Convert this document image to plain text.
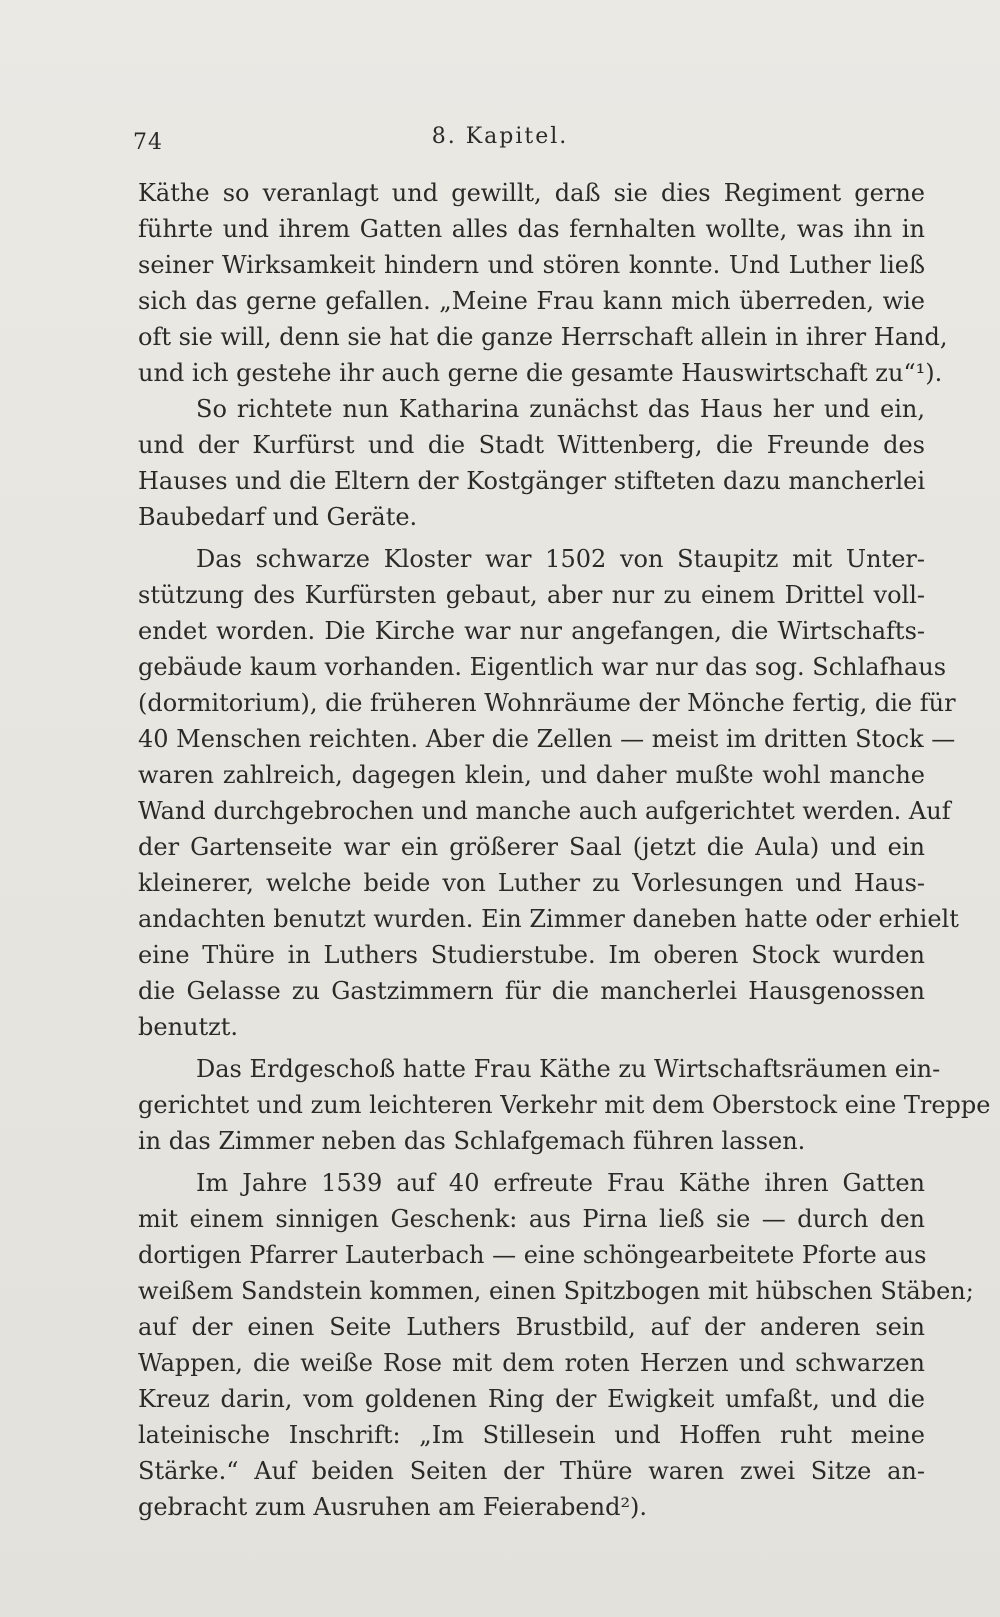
74	8. Kapitel.
Käthe so veranlagt und gewillt, daß sie dies Regiment gerne
führte und ihrem Gatten alles das fernhalten wollte, was ihn in
seiner Wirksamkeit hindern und stören konnte. Und Luther ließ
sich das gerne gefallen. „Meine Frau kann mich überreden, wie
oft sie will, denn sie hat die ganze Herrschaft allein in ihrer Hand,
und ich gestehe ihr auch gerne die gesamte Hauswirtschaft zu“¹).
So richtete nun Katharina zunächst das Haus her und ein,
und der Kurfürst und die Stadt Wittenberg, die Freunde des
Hauses und die Eltern der Kostgänger stifteten dazu mancherlei
Baubedarf und Geräte.
Das schwarze Kloster war 1502 von Staupitz mit Unter-
stützung des Kurfürsten gebaut, aber nur zu einem Drittel voll-
endet worden. Die Kirche war nur angefangen, die Wirtschafts-
gebäude kaum vorhanden. Eigentlich war nur das sog. Schlafhaus
(dormitorium), die früheren Wohnräume der Mönche fertig, die für
40 Menschen reichten. Aber die Zellen — meist im dritten Stock —
waren zahlreich, dagegen klein, und daher mußte wohl manche
Wand durchgebrochen und manche auch aufgerichtet werden. Auf
der Gartenseite war ein größerer Saal (jetzt die Aula) und ein
kleinerer, welche beide von Luther zu Vorlesungen und Haus-
andachten benutzt wurden. Ein Zimmer daneben hatte oder erhielt
eine Thüre in Luthers Studierstube. Im oberen Stock wurden
die Gelasse zu Gastzimmern für die mancherlei Hausgenossen
benutzt.
Das Erdgeschoß hatte Frau Käthe zu Wirtschaftsräumen ein-
gerichtet und zum leichteren Verkehr mit dem Oberstock eine Treppe
in das Zimmer neben das Schlafgemach führen lassen.
Im Jahre 1539 auf 40 erfreute Frau Käthe ihren Gatten
mit einem sinnigen Geschenk: aus Pirna ließ sie — durch den
dortigen Pfarrer Lauterbach — eine schöngearbeitete Pforte aus
weißem Sandstein kommen, einen Spitzbogen mit hübschen Stäben;
auf der einen Seite Luthers Brustbild, auf der anderen sein
Wappen, die weiße Rose mit dem roten Herzen und schwarzen
Kreuz darin, vom goldenen Ring der Ewigkeit umfaßt, und die
lateinische Inschrift: „Im Stillesein und Hoffen ruht meine
Stärke.“ Auf beiden Seiten der Thüre waren zwei Sitze an-
gebracht zum Ausruhen am Feierabend²).
